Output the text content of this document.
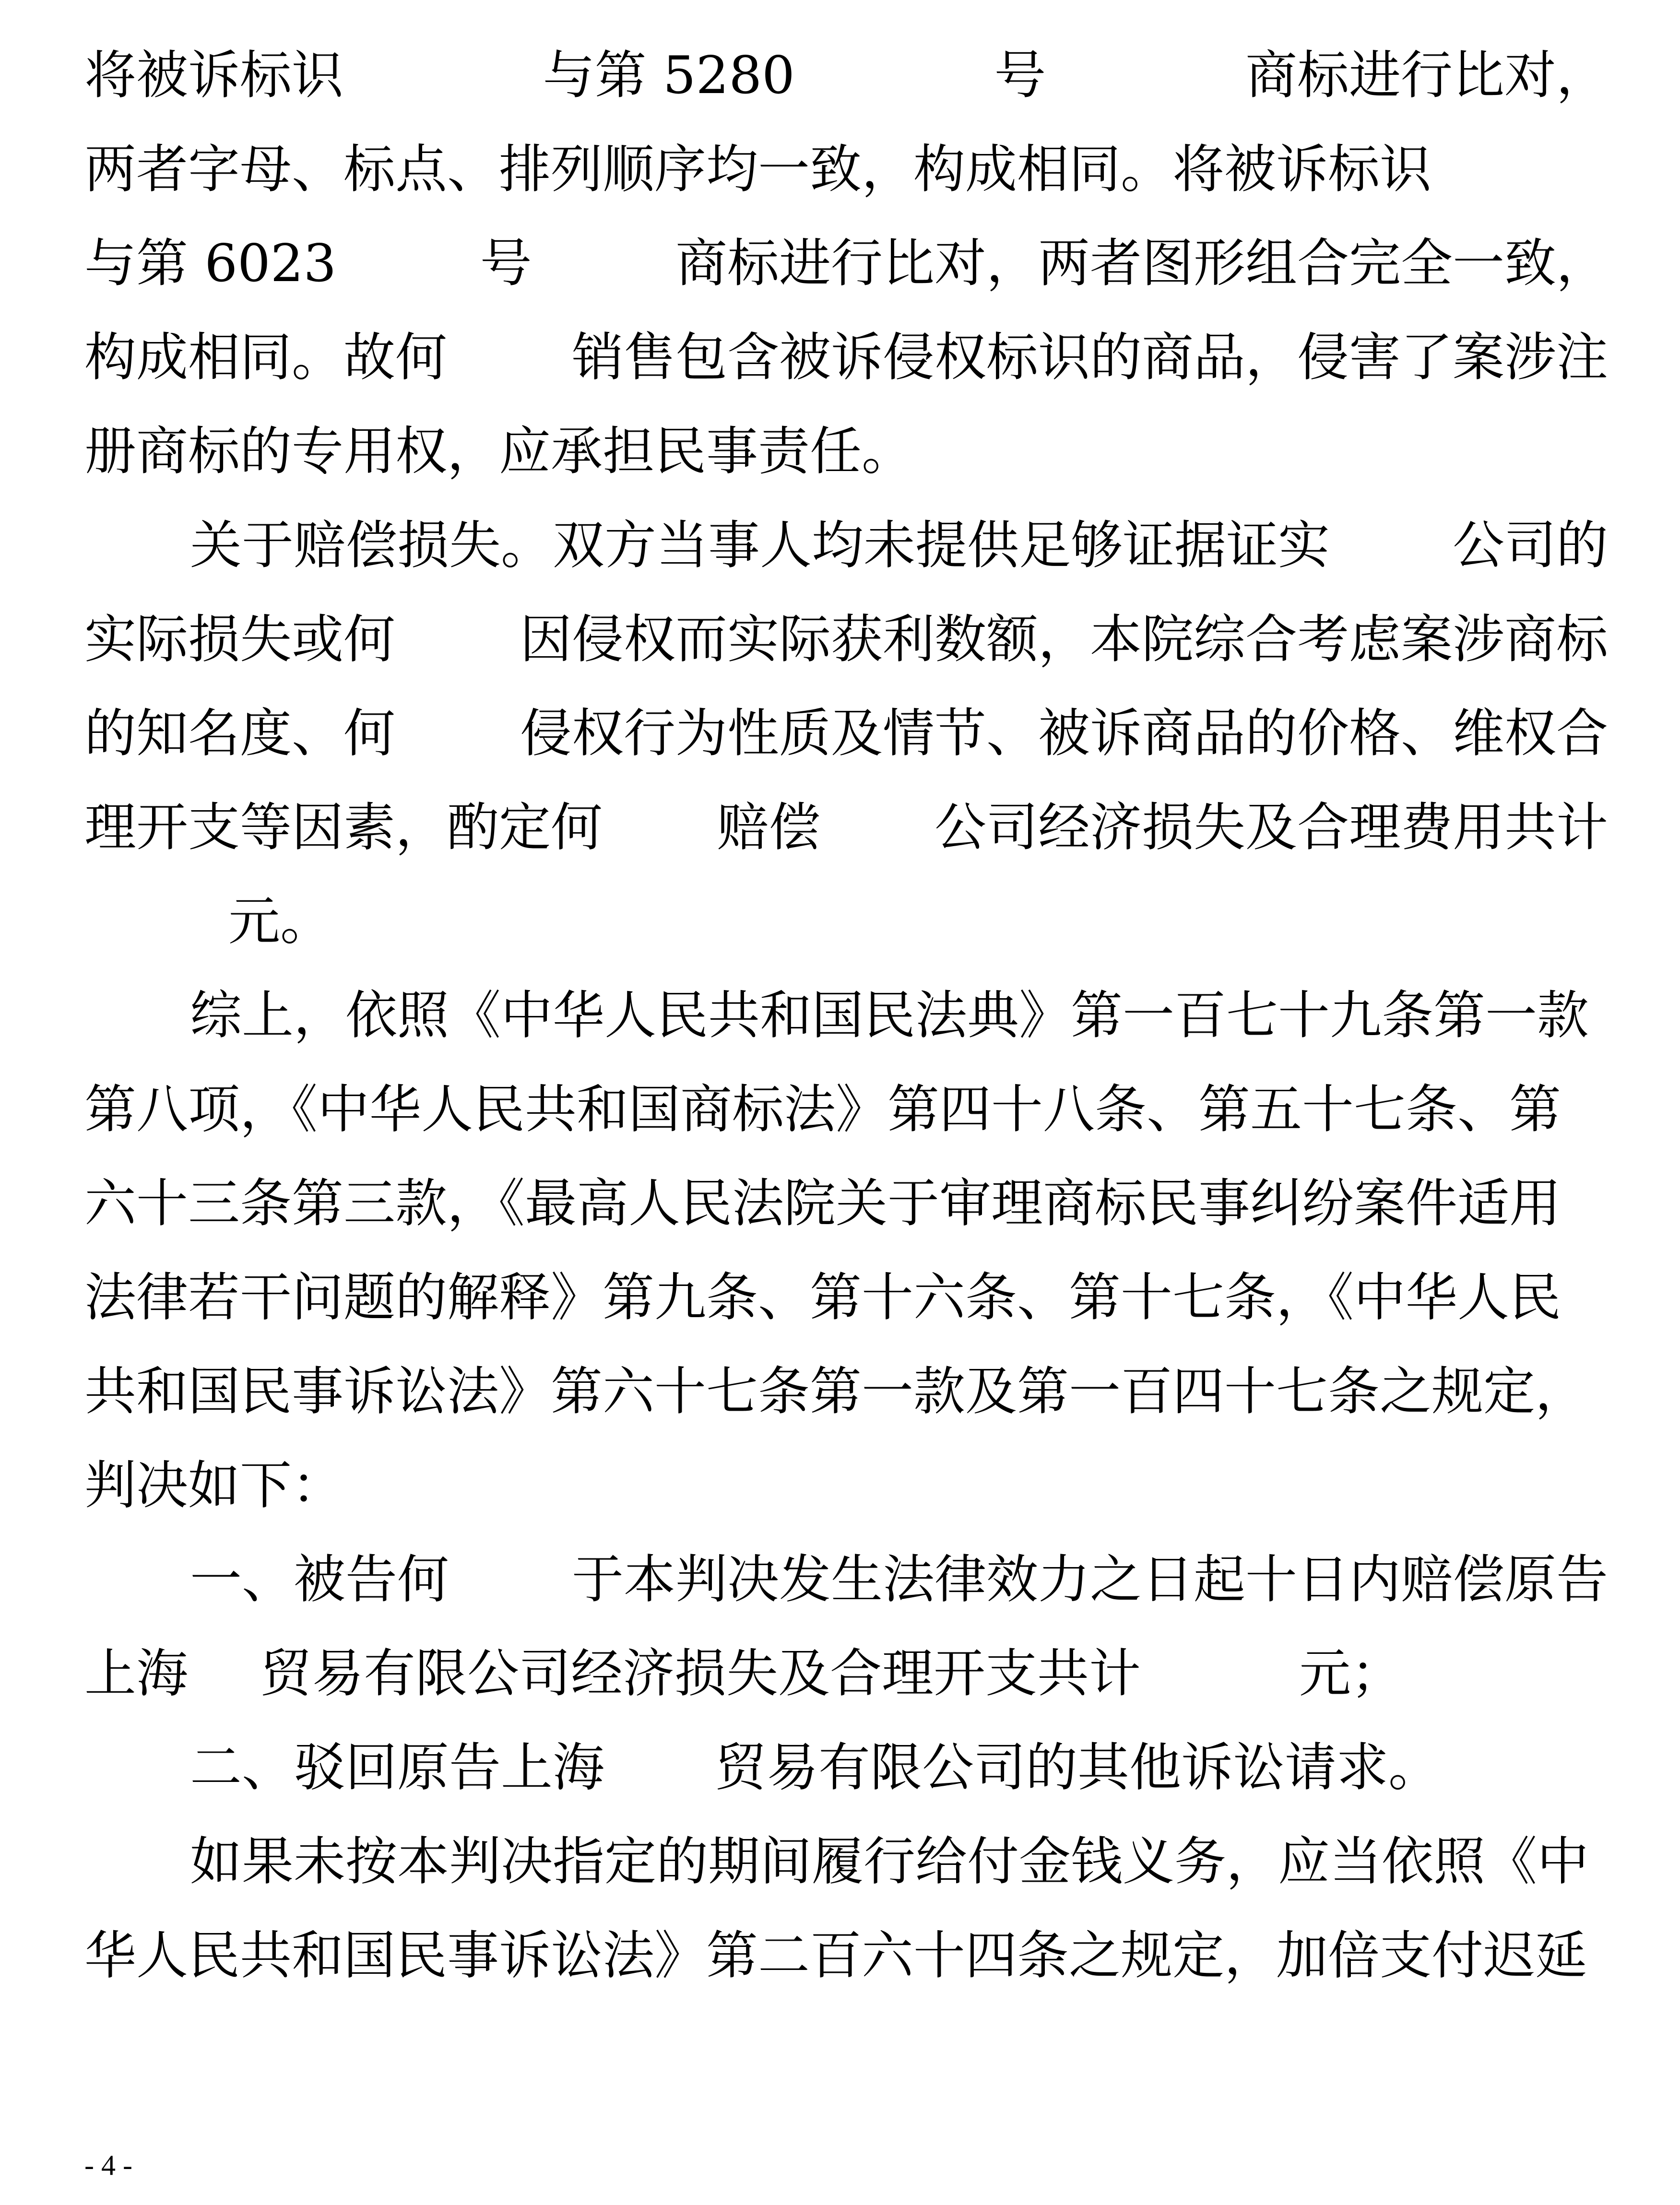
将被诉标识	与第 5280	号	商标进行比对，
两者字母、标点、排列顺序均一致，构成相同。将被诉标识
与第 6023	号	商标进行比对，两者图形组合完全一致，
构成相同。故何 销售包含被诉侵权标识的商品，侵害了案涉注
册商标的专用权，应承担民事责任。
关于赔偿损失。双方当事人均未提供足够证据证实 公司的
实际损失或何 因侵权而实际获利数额，本院综合考虑案涉商标
的知名度、何 侵权行为性质及情节、被诉商品的价格、维权合
理开支等因素，酌定何 赔偿 公司经济损失及合理费用共计
元。
综上，依照《中华人民共和国民法典》第一百七十九条第一款
第八项，《中华人民共和国商标法》第四十八条、第五十七条、第
六十三条第三款，《最高人民法院关于审理商标民事纠纷案件适用
法律若干问题的解释》第九条、第十六条、第十七条，《中华人民
共和国民事诉讼法》第六十七条第一款及第一百四十七条之规定，
判决如下：
一、被告何 于本判决发生法律效力之日起十日内赔偿原告
上海 贸易有限公司经济损失及合理开支共计	元；
二、驳回原告上海 贸易有限公司的其他诉讼请求。
如果未按本判决指定的期间履行给付金钱义务，应当依照《中
华人民共和国民事诉讼法》第二百六十四条之规定，加倍支付迟延
- 4 -
